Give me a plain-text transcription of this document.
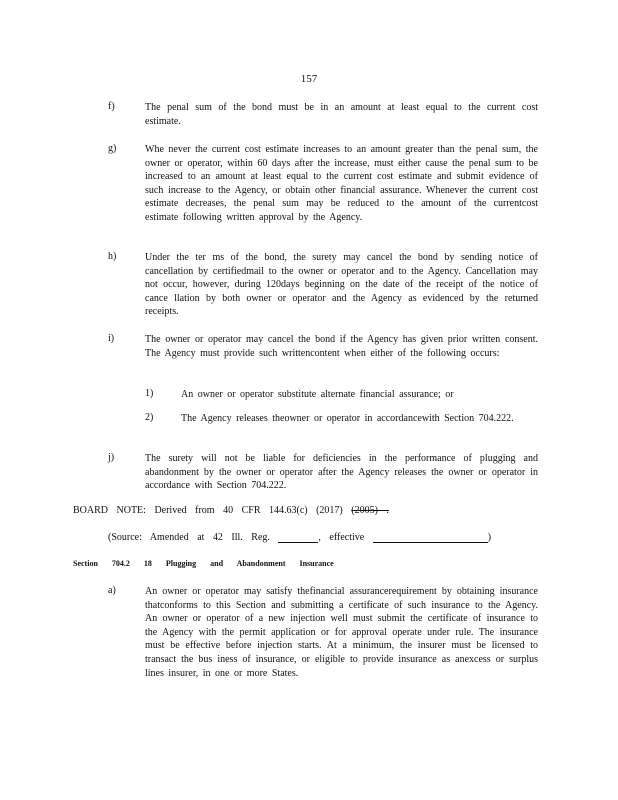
157
f)	The penal sum of the bond must be in an amount at least equal to the current cost estimate.
g)	Whe never the current cost estimate increases to an amount greater than the penal sum, the owner or operator, within 60 days after the increase, must either cause the penal sum to be increased to an amount at least equal to the current cost estimate and submit evidence of such increase to the Agency, or obtain other financial assurance. Whenever the current cost estimate decreases, the penal sum may be reduced to the amount of the currentcost estimate following written approval by the Agency.
h)	Under the ter ms of the bond, the surety may cancel the bond by sending notice of cancellation by certifiedmail to the owner or operator and to the Agency. Cancellation may not occur, however, during 120days beginning on the date of the receipt of the notice of cance llation by both owner or operator and the Agency as evidenced by the returned receipts.
i)	The owner or operator may cancel the bond if the Agency has given prior written consent. The Agency must provide such writtencontent when either of the following occurs:
1)	An owner or operator substitute alternate financial assurance; or
2)	The Agency releases theowner or operator in accordancewith Section 704.222.
j)	The surety will not be liable for deficiencies in the performance of plugging and abandonment by the owner or operator after the Agency releases the owner or operator in accordance with Section 704.222.
BOARD NOTE: Derived from 40 CFR 144.63(c) (2017) (2005) .
(Source: Amended at 42 Ill. Reg.	, effective	)
Section 704.2 18 Plugging and Abandonment Insurance
a)	An owner or operator may satisfy thefinancial assurancerequirement by obtaining insurance thatconforms to this Section and submitting a certificate of such insurance to the Agency. An owner or operator of a new injection well must submit the certificate of insurance to the Agency with the permit application or for approval operate under rule. The insurance must be effective before injection starts. At a minimum, the insurer must be licensed to transact the bus iness of insurance, or eligible to provide insurance as anexcess or surplus lines insurer, in one or more States.
